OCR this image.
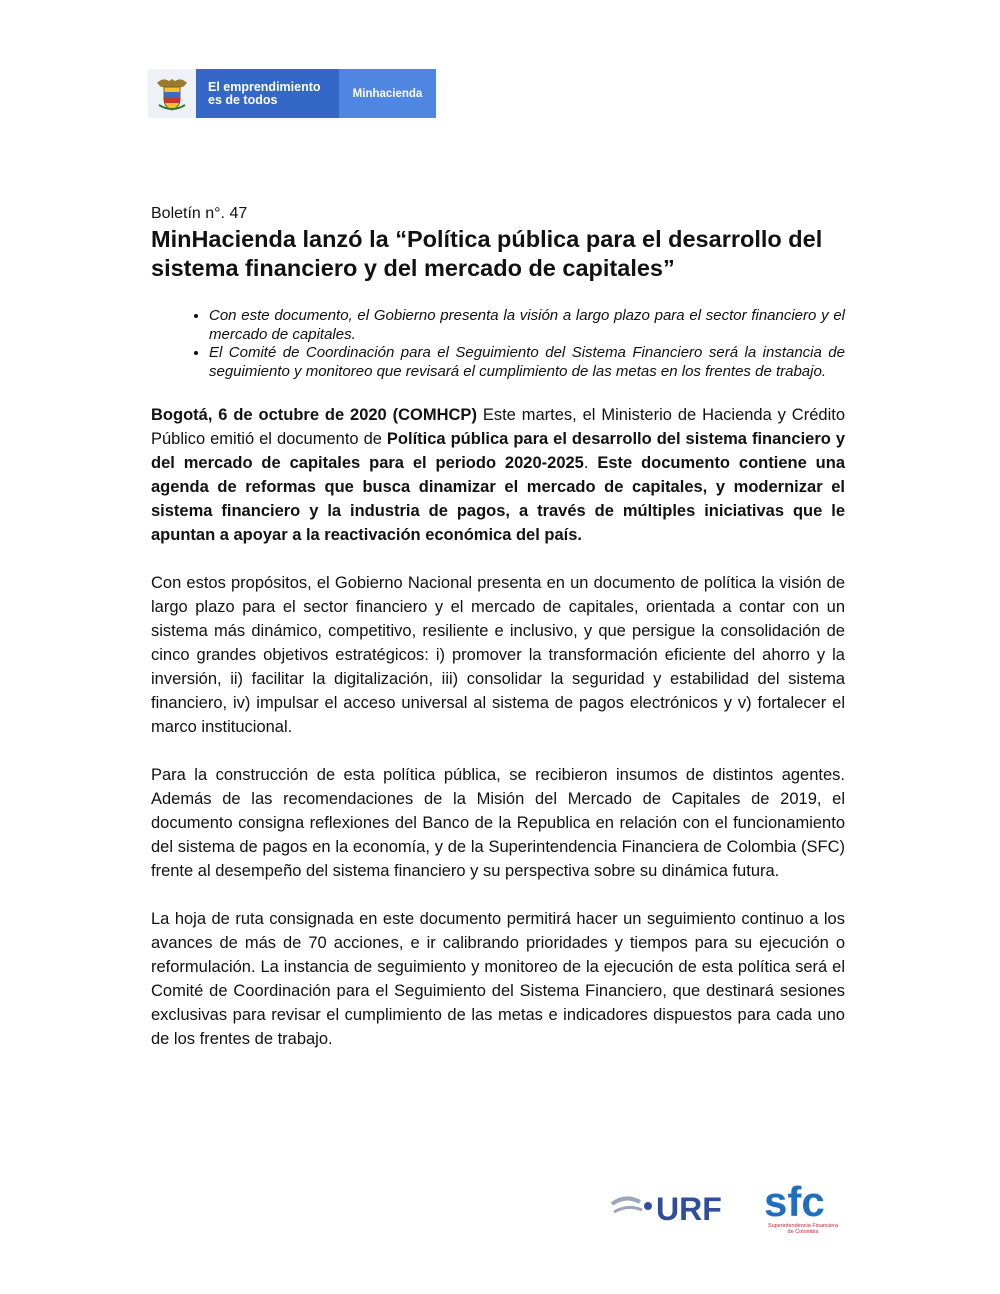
El emprendimiento
es de todos	Minhacienda
Boletín n°. 47
MinHacienda lanzó la “Política pública para el desarrollo del sistema financiero y del mercado de capitales”
• Con este documento, el Gobierno presenta la visión a largo plazo para el sector financiero y el mercado de capitales.
• El Comité de Coordinación para el Seguimiento del Sistema Financiero será la instancia de seguimiento y monitoreo que revisará el cumplimiento de las metas en los frentes de trabajo.

Bogotá, 6 de octubre de 2020 (COMHCP) Este martes, el Ministerio de Hacienda y Crédito Público emitió el documento de Política pública para el desarrollo del sistema financiero y del mercado de capitales para el periodo 2020-2025. Este documento contiene una agenda de reformas que busca dinamizar el mercado de capitales, y modernizar el sistema financiero y la industria de pagos, a través de múltiples iniciativas que le apuntan a apoyar a la reactivación económica del país.

Con estos propósitos, el Gobierno Nacional presenta en un documento de política la visión de largo plazo para el sector financiero y el mercado de capitales, orientada a contar con un sistema más dinámico, competitivo, resiliente e inclusivo, y que persigue la consolidación de cinco grandes objetivos estratégicos: i) promover la transformación eficiente del ahorro y la inversión, ii) facilitar la digitalización, iii) consolidar la seguridad y estabilidad del sistema financiero, iv) impulsar el acceso universal al sistema de pagos electrónicos y v) fortalecer el marco institucional.

Para la construcción de esta política pública, se recibieron insumos de distintos agentes. Además de las recomendaciones de la Misión del Mercado de Capitales de 2019, el documento consigna reflexiones del Banco de la Republica en relación con el funcionamiento del sistema de pagos en la economía, y de la Superintendencia Financiera de Colombia (SFC) frente al desempeño del sistema financiero y su perspectiva sobre su dinámica futura.

La hoja de ruta consignada en este documento permitirá hacer un seguimiento continuo a los avances de más de 70 acciones, e ir calibrando prioridades y tiempos para su ejecución o reformulación. La instancia de seguimiento y monitoreo de la ejecución de esta política será el Comité de Coordinación para el Seguimiento del Sistema Financiero, que destinará sesiones exclusivas para revisar el cumplimiento de las metas e indicadores dispuestos para cada uno de los frentes de trabajo.

URF sfc
Superintendencia Financiera
de Colombia
